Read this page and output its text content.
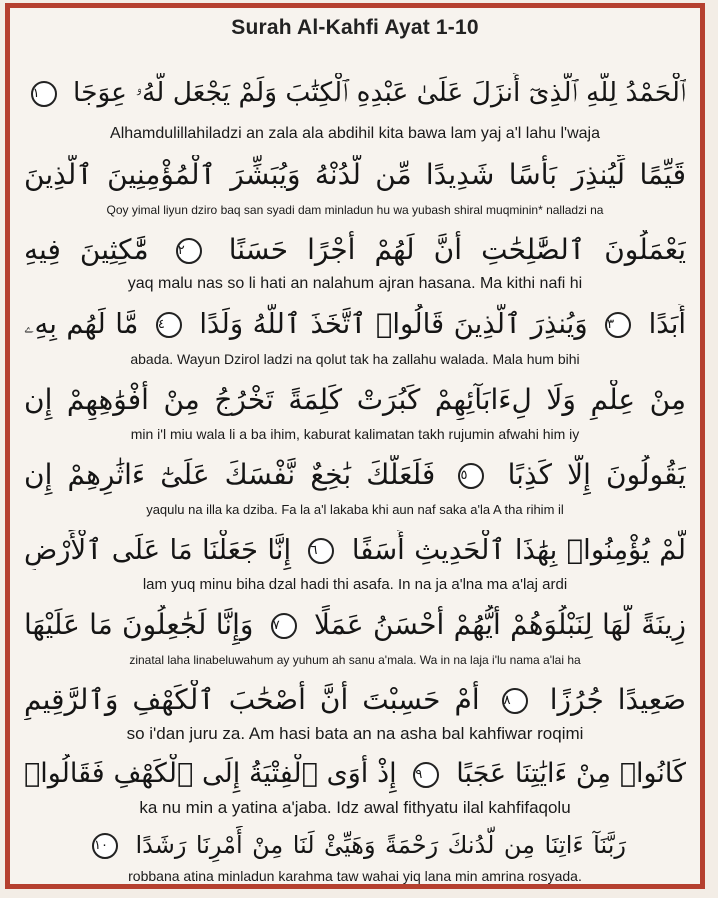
Surah Al-Kahfi Ayat 1-10
ٱلْحَمْدُ لِلَّهِ ٱلَّذِىٓ أَنزَلَ عَلَىٰ عَبْدِهِ ٱلْكِتَٰبَ وَلَمْ يَجْعَل لَّهُۥ عِوَجَا ١
Alhamdulillahiladzi an zala ala abdihil kita bawa lam yaj a'l lahu l'waja
قَيِّمًا لِّيُنذِرَ بَأْسًا شَدِيدًا مِّن لَّدُنْهُ وَيُبَشِّرَ ٱلْمُؤْمِنِينَ ٱلَّذِينَ
Qoy yimal liyun dziro baq san syadi dam minladun hu wa yubash shiral muqminin* nalladzi na
يَعْمَلُونَ ٱلصَّٰلِحَٰتِ أَنَّ لَهُمْ أَجْرًا حَسَنًا ٢ مَّٰكِثِينَ فِيهِ
yaq malu nas so li hati an nalahum ajran hasana. Ma kithi nafi hi
أَبَدًا ٣ وَيُنذِرَ ٱلَّذِينَ قَالُوا۟ ٱتَّخَذَ ٱللَّهُ وَلَدًا ٤ مَّا لَهُم بِهِۦ
abada. Wayun Dzirol ladzi na qolut tak ha zallahu walada. Mala hum bihi
مِنْ عِلْمٍ وَلَا لِءَابَآئِهِمْ كَبُرَتْ كَلِمَةً تَخْرُجُ مِنْ أَفْوَٰهِهِمْ إِن
min i'l miu wala li a ba ihim, kaburat kalimatan takh rujumin afwahi him iy
يَقُولُونَ إِلَّا كَذِبًا ٥ فَلَعَلَّكَ بَٰخِعٌ نَّفْسَكَ عَلَىٰٓ ءَاثَٰرِهِمْ إِن
yaqulu na illa ka dziba. Fa la a'l lakaba khi aun naf saka a'la A tha rihim il
لَّمْ يُؤْمِنُوا۟ بِهَٰذَا ٱلْحَدِيثِ أَسَفًا ٦ إِنَّا جَعَلْنَا مَا عَلَى ٱلْأَرْضِ
lam yuq minu biha dzal hadi thi asafa. In na ja a'lna ma a'laj ardi
زِينَةً لَّهَا لِنَبْلُوَهُمْ أَيُّهُمْ أَحْسَنُ عَمَلًا ٧ وَإِنَّا لَجَٰعِلُونَ مَا عَلَيْهَا
zinatal laha linabeluwahum ay yuhum ah sanu a'mala. Wa in na laja i'lu nama a'lai ha
صَعِيدًا جُرُزًا ٨ أَمْ حَسِبْتَ أَنَّ أَصْحَٰبَ ٱلْكَهْفِ وَٱلرَّقِيمِ
so i'dan juru za. Am hasi bata an na asha bal kahfiwar roqimi
كَانُوا۟ مِنْ ءَايَٰتِنَا عَجَبًا ٩ إِذْ أَوَى ٱلْفِتْيَةُ إِلَى ٱلْكَهْفِ فَقَالُوا۟
ka nu min a yatina a'jaba. Idz awal fithyatu ilal kahfifaqolu
رَبَّنَآ ءَاتِنَا مِن لَّدُنكَ رَحْمَةً وَهَيِّئْ لَنَا مِنْ أَمْرِنَا رَشَدًا ١٠
robbana atina minladun karahma taw wahai yiq lana min amrina rosyada.
